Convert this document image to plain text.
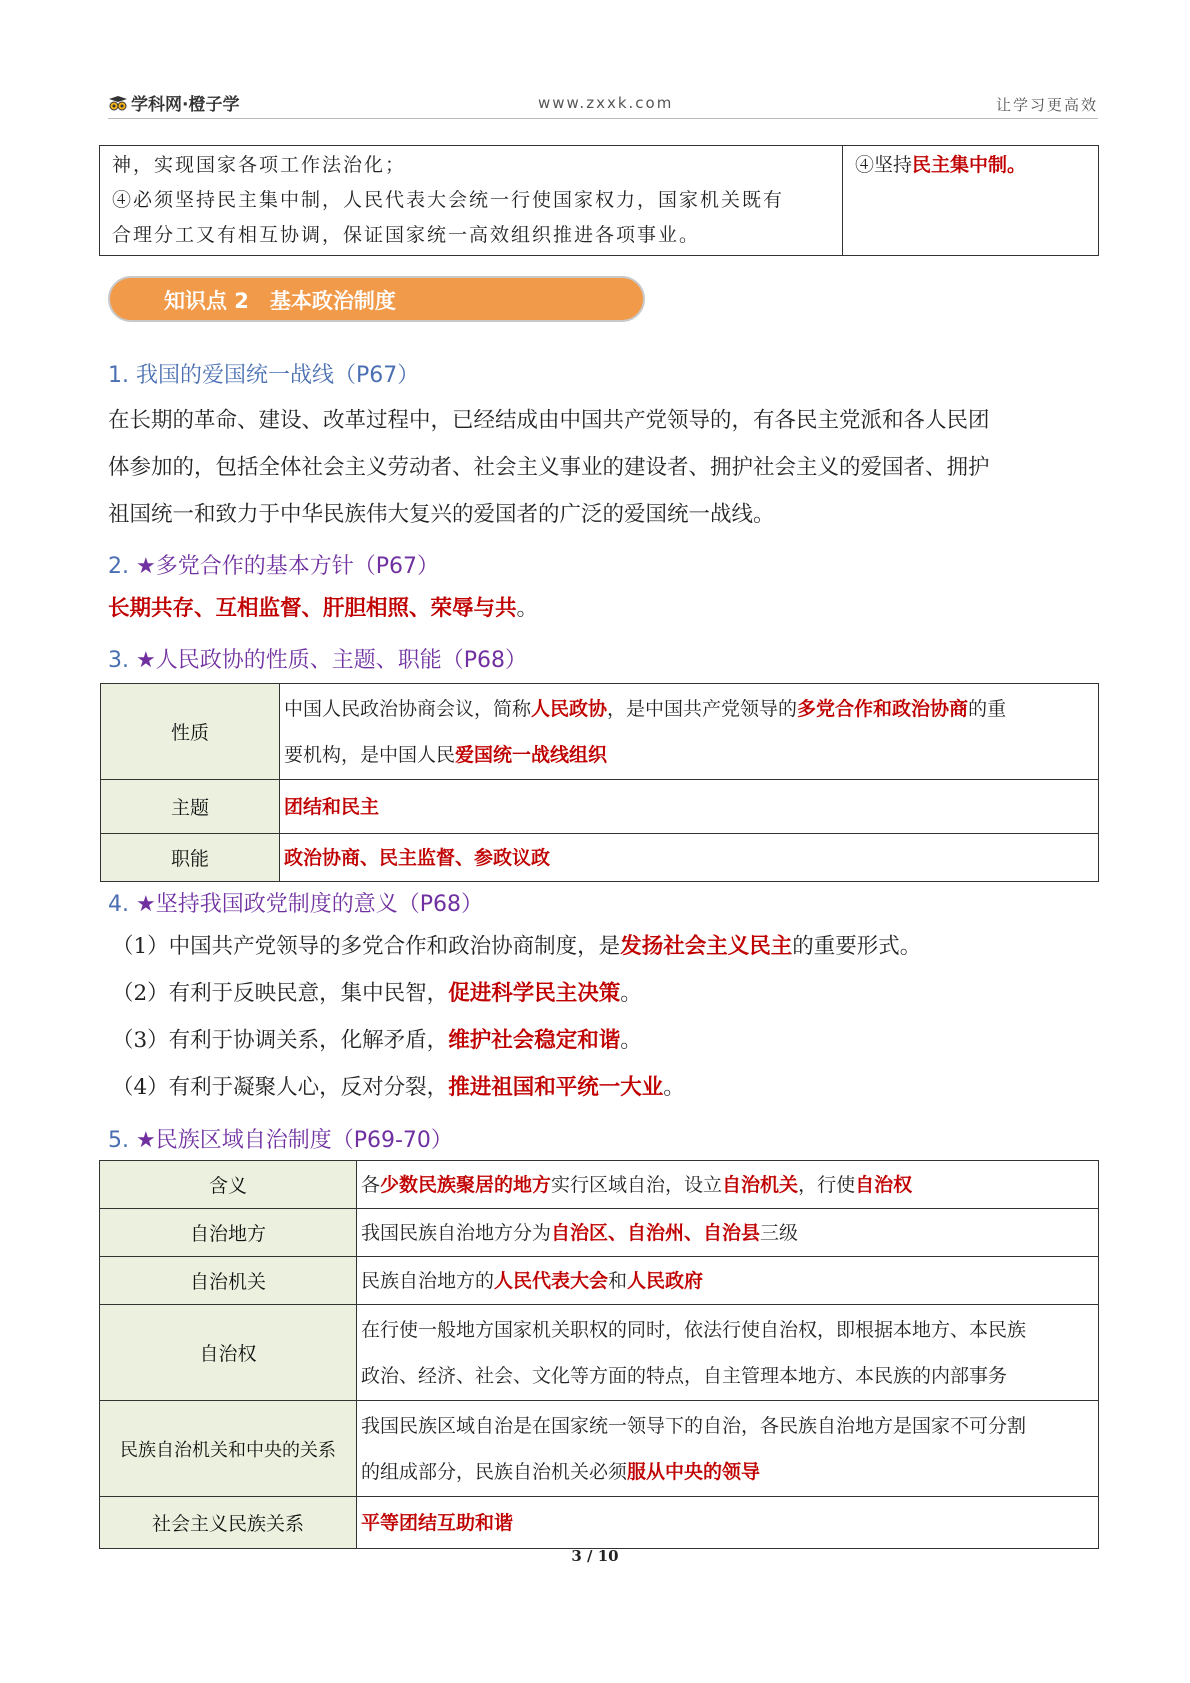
学科网·橙子学	www.zxxk.com	让学习更高效
神，实现国家各项工作法治化；
④必须坚持民主集中制，人民代表大会统一行使国家权力，国家机关既有
合理分工又有相互协调，保证国家统一高效组织推进各项事业。
	④坚持民主集中制。
知识点 2　基本政治制度
1. 我国的爱国统一战线（P67）
在长期的革命、建设、改革过程中，已经结成由中国共产党领导的，有各民主党派和各人民团
体参加的，包括全体社会主义劳动者、社会主义事业的建设者、拥护社会主义的爱国者、拥护
祖国统一和致力于中华民族伟大复兴的爱国者的广泛的爱国统一战线。
2. ★多党合作的基本方针（P67）
长期共存、互相监督、肝胆相照、荣辱与共。
3. ★人民政协的性质、主题、职能（P68）
性质	中国人民政治协商会议，简称人民政协，是中国共产党领导的多党合作和政治协商的重
要机构，是中国人民爱国统一战线组织
主题	团结和民主
职能	政治协商、民主监督、参政议政
4. ★坚持我国政党制度的意义（P68）
（1）中国共产党领导的多党合作和政治协商制度，是发扬社会主义民主的重要形式。
（2）有利于反映民意，集中民智，促进科学民主决策。
（3）有利于协调关系，化解矛盾，维护社会稳定和谐。
（4）有利于凝聚人心，反对分裂，推进祖国和平统一大业。
5. ★民族区域自治制度（P69-70）
含义	各少数民族聚居的地方实行区域自治，设立自治机关，行使自治权
自治地方	我国民族自治地方分为自治区、自治州、自治县三级
自治机关	民族自治地方的人民代表大会和人民政府
自治权	在行使一般地方国家机关职权的同时，依法行使自治权，即根据本地方、本民族
政治、经济、社会、文化等方面的特点，自主管理本地方、本民族的内部事务
民族自治机关和中央的关系	我国民族区域自治是在国家统一领导下的自治，各民族自治地方是国家不可分割
的组成部分，民族自治机关必须服从中央的领导
社会主义民族关系	平等团结互助和谐
3 / 10
